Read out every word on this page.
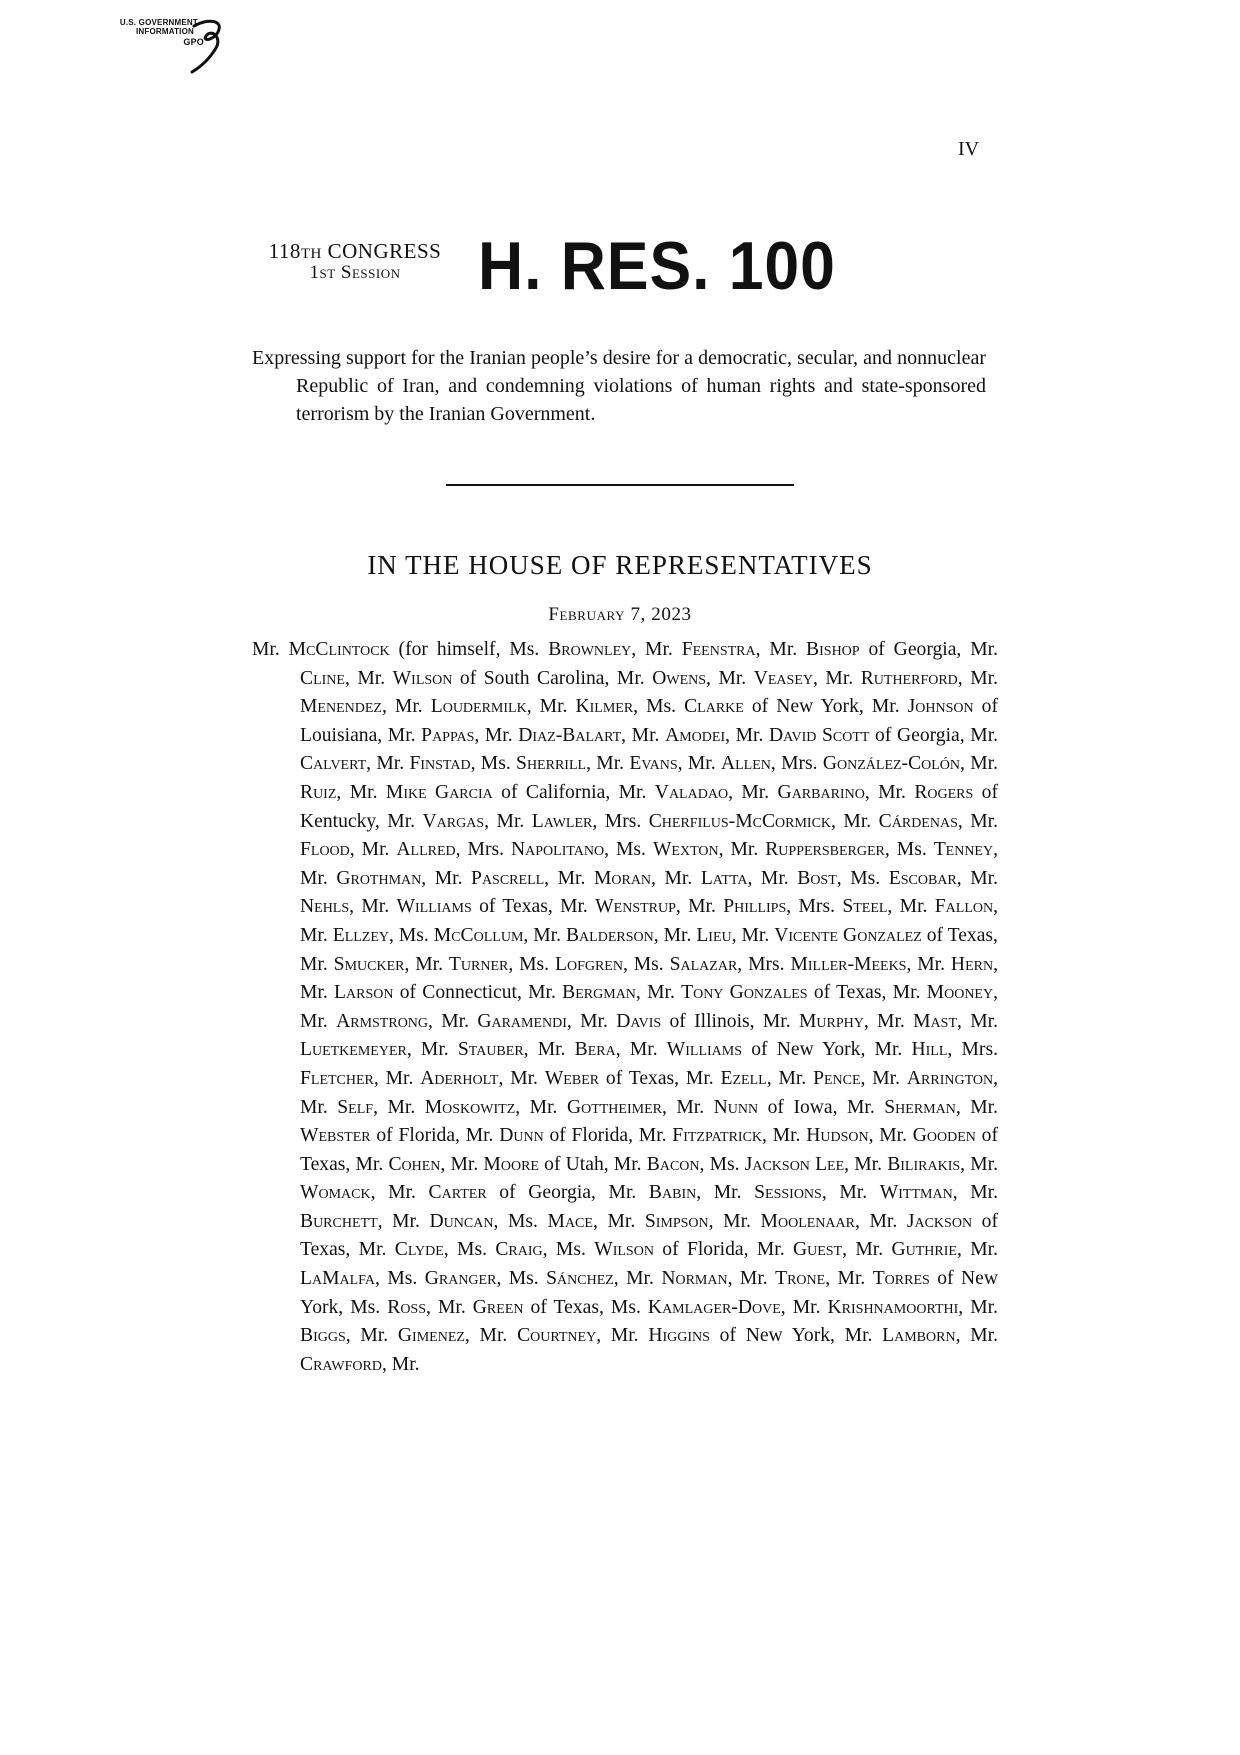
U.S. GOVERNMENT
INFORMATION
GPO
IV
118th CONGRESS
1st Session	H. RES. 100
Expressing support for the Iranian people’s desire for a democratic, secular, and nonnuclear Republic of Iran, and condemning violations of human rights and state-sponsored terrorism by the Iranian Government.
IN THE HOUSE OF REPRESENTATIVES
February 7, 2023
Mr. McClintock (for himself, Ms. Brownley, Mr. Feenstra, Mr. Bishop of Georgia, Mr. Cline, Mr. Wilson of South Carolina, Mr. Owens, Mr. Veasey, Mr. Rutherford, Mr. Menendez, Mr. Loudermilk, Mr. Kilmer, Ms. Clarke of New York, Mr. Johnson of Louisiana, Mr. Pappas, Mr. Diaz-Balart, Mr. Amodei, Mr. David Scott of Georgia, Mr. Calvert, Mr. Finstad, Ms. Sherrill, Mr. Evans, Mr. Allen, Mrs. González-Colón, Mr. Ruiz, Mr. Mike Garcia of California, Mr. Valadao, Mr. Garbarino, Mr. Rogers of Kentucky, Mr. Vargas, Mr. Lawler, Mrs. Cherfilus-McCormick, Mr. Cárdenas, Mr. Flood, Mr. Allred, Mrs. Napolitano, Ms. Wexton, Mr. Ruppersberger, Ms. Tenney, Mr. Grothman, Mr. Pascrell, Mr. Moran, Mr. Latta, Mr. Bost, Ms. Escobar, Mr. Nehls, Mr. Williams of Texas, Mr. Wenstrup, Mr. Phillips, Mrs. Steel, Mr. Fallon, Mr. Ellzey, Ms. McCollum, Mr. Balderson, Mr. Lieu, Mr. Vicente Gonzalez of Texas, Mr. Smucker, Mr. Turner, Ms. Lofgren, Ms. Salazar, Mrs. Miller-Meeks, Mr. Hern, Mr. Larson of Connecticut, Mr. Bergman, Mr. Tony Gonzales of Texas, Mr. Mooney, Mr. Armstrong, Mr. Garamendi, Mr. Davis of Illinois, Mr. Murphy, Mr. Mast, Mr. Luetkemeyer, Mr. Stauber, Mr. Bera, Mr. Williams of New York, Mr. Hill, Mrs. Fletcher, Mr. Aderholt, Mr. Weber of Texas, Mr. Ezell, Mr. Pence, Mr. Arrington, Mr. Self, Mr. Moskowitz, Mr. Gottheimer, Mr. Nunn of Iowa, Mr. Sherman, Mr. Webster of Florida, Mr. Dunn of Florida, Mr. Fitzpatrick, Mr. Hudson, Mr. Gooden of Texas, Mr. Cohen, Mr. Moore of Utah, Mr. Bacon, Ms. Jackson Lee, Mr. Bilirakis, Mr. Womack, Mr. Carter of Georgia, Mr. Babin, Mr. Sessions, Mr. Wittman, Mr. Burchett, Mr. Duncan, Ms. Mace, Mr. Simpson, Mr. Moolenaar, Mr. Jackson of Texas, Mr. Clyde, Ms. Craig, Ms. Wilson of Florida, Mr. Guest, Mr. Guthrie, Mr. LaMalfa, Ms. Granger, Ms. Sánchez, Mr. Norman, Mr. Trone, Mr. Torres of New York, Ms. Ross, Mr. Green of Texas, Ms. Kamlager-Dove, Mr. Krishnamoorthi, Mr. Biggs, Mr. Gimenez, Mr. Courtney, Mr. Higgins of New York, Mr. Lamborn, Mr. Crawford, Mr.
